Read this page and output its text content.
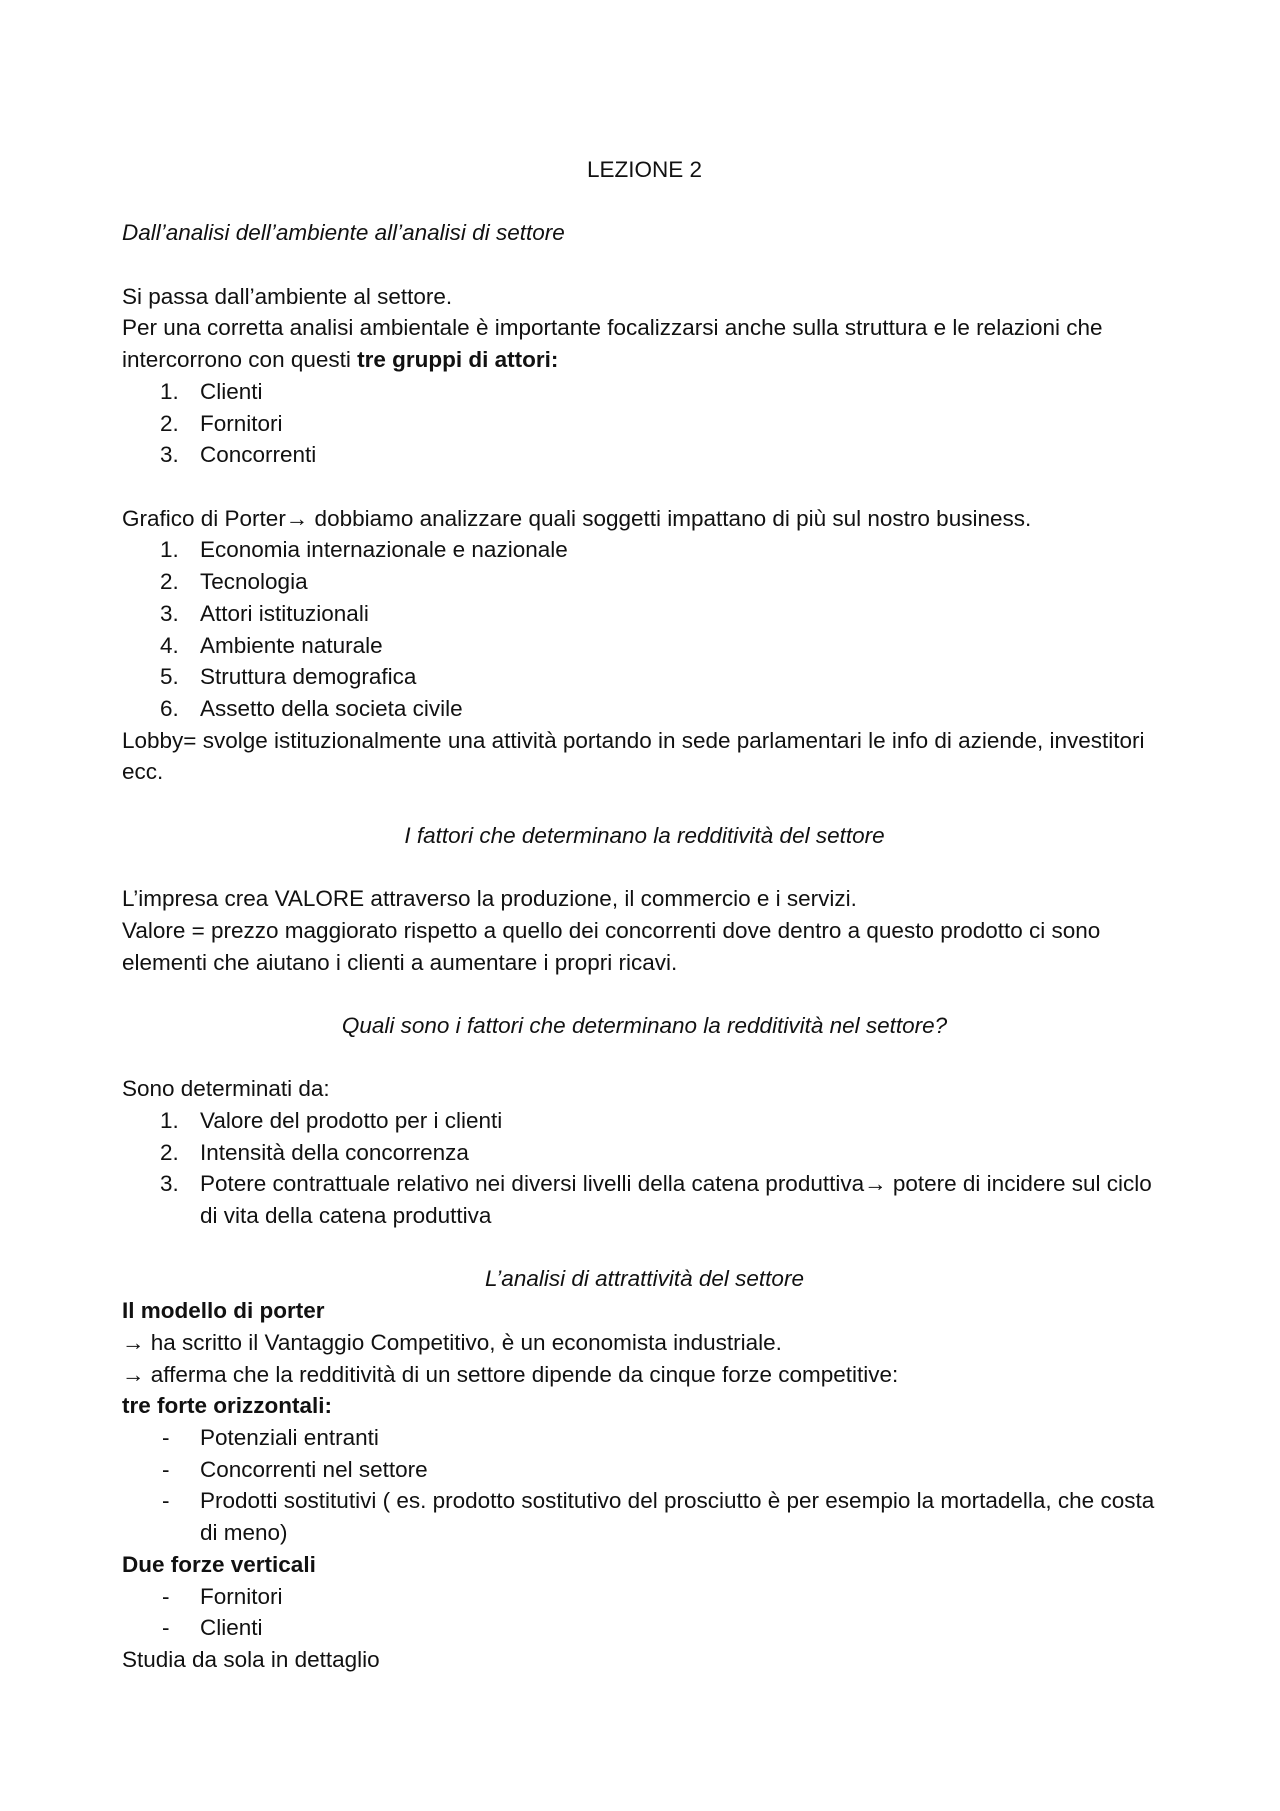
LEZIONE 2

Dall’analisi dell’ambiente all’analisi di settore

Si passa dall’ambiente al settore.

Per una corretta analisi ambientale è importante focalizzarsi anche sulla struttura e le relazioni che intercorrono con questi tre gruppi di attori:

1. Clienti
2. Fornitori
3. Concorrenti

Grafico di Porter→ dobbiamo analizzare quali soggetti impattano di più sul nostro business.

1. Economia internazionale e nazionale
2. Tecnologia
3. Attori istituzionali
4. Ambiente naturale
5. Struttura demografica
6. Assetto della societa civile

Lobby= svolge istituzionalmente una attività portando in sede parlamentari le info di aziende, investitori ecc.

I fattori che determinano la redditività del settore

L’impresa crea VALORE attraverso la produzione, il commercio e i servizi.

Valore = prezzo maggiorato rispetto a quello dei concorrenti dove dentro a questo prodotto ci sono elementi che aiutano i clienti a aumentare i propri ricavi.

Quali sono i fattori che determinano la redditività nel settore?

Sono determinati da:

1. Valore del prodotto per i clienti
2. Intensità della concorrenza
3. Potere contrattuale relativo nei diversi livelli della catena produttiva→ potere di incidere sul ciclo di vita della catena produttiva

L’analisi di attrattività del settore

Il modello di porter

→ ha scritto il Vantaggio Competitivo, è un economista industriale.

→ afferma che la redditività di un settore dipende da cinque forze competitive:

tre forte orizzontali:

- Potenziali entranti
- Concorrenti nel settore
- Prodotti sostitutivi ( es. prodotto sostitutivo del prosciutto è per esempio la mortadella, che costa di meno)

Due forze verticali

- Fornitori
- Clienti

Studia da sola in dettaglio
